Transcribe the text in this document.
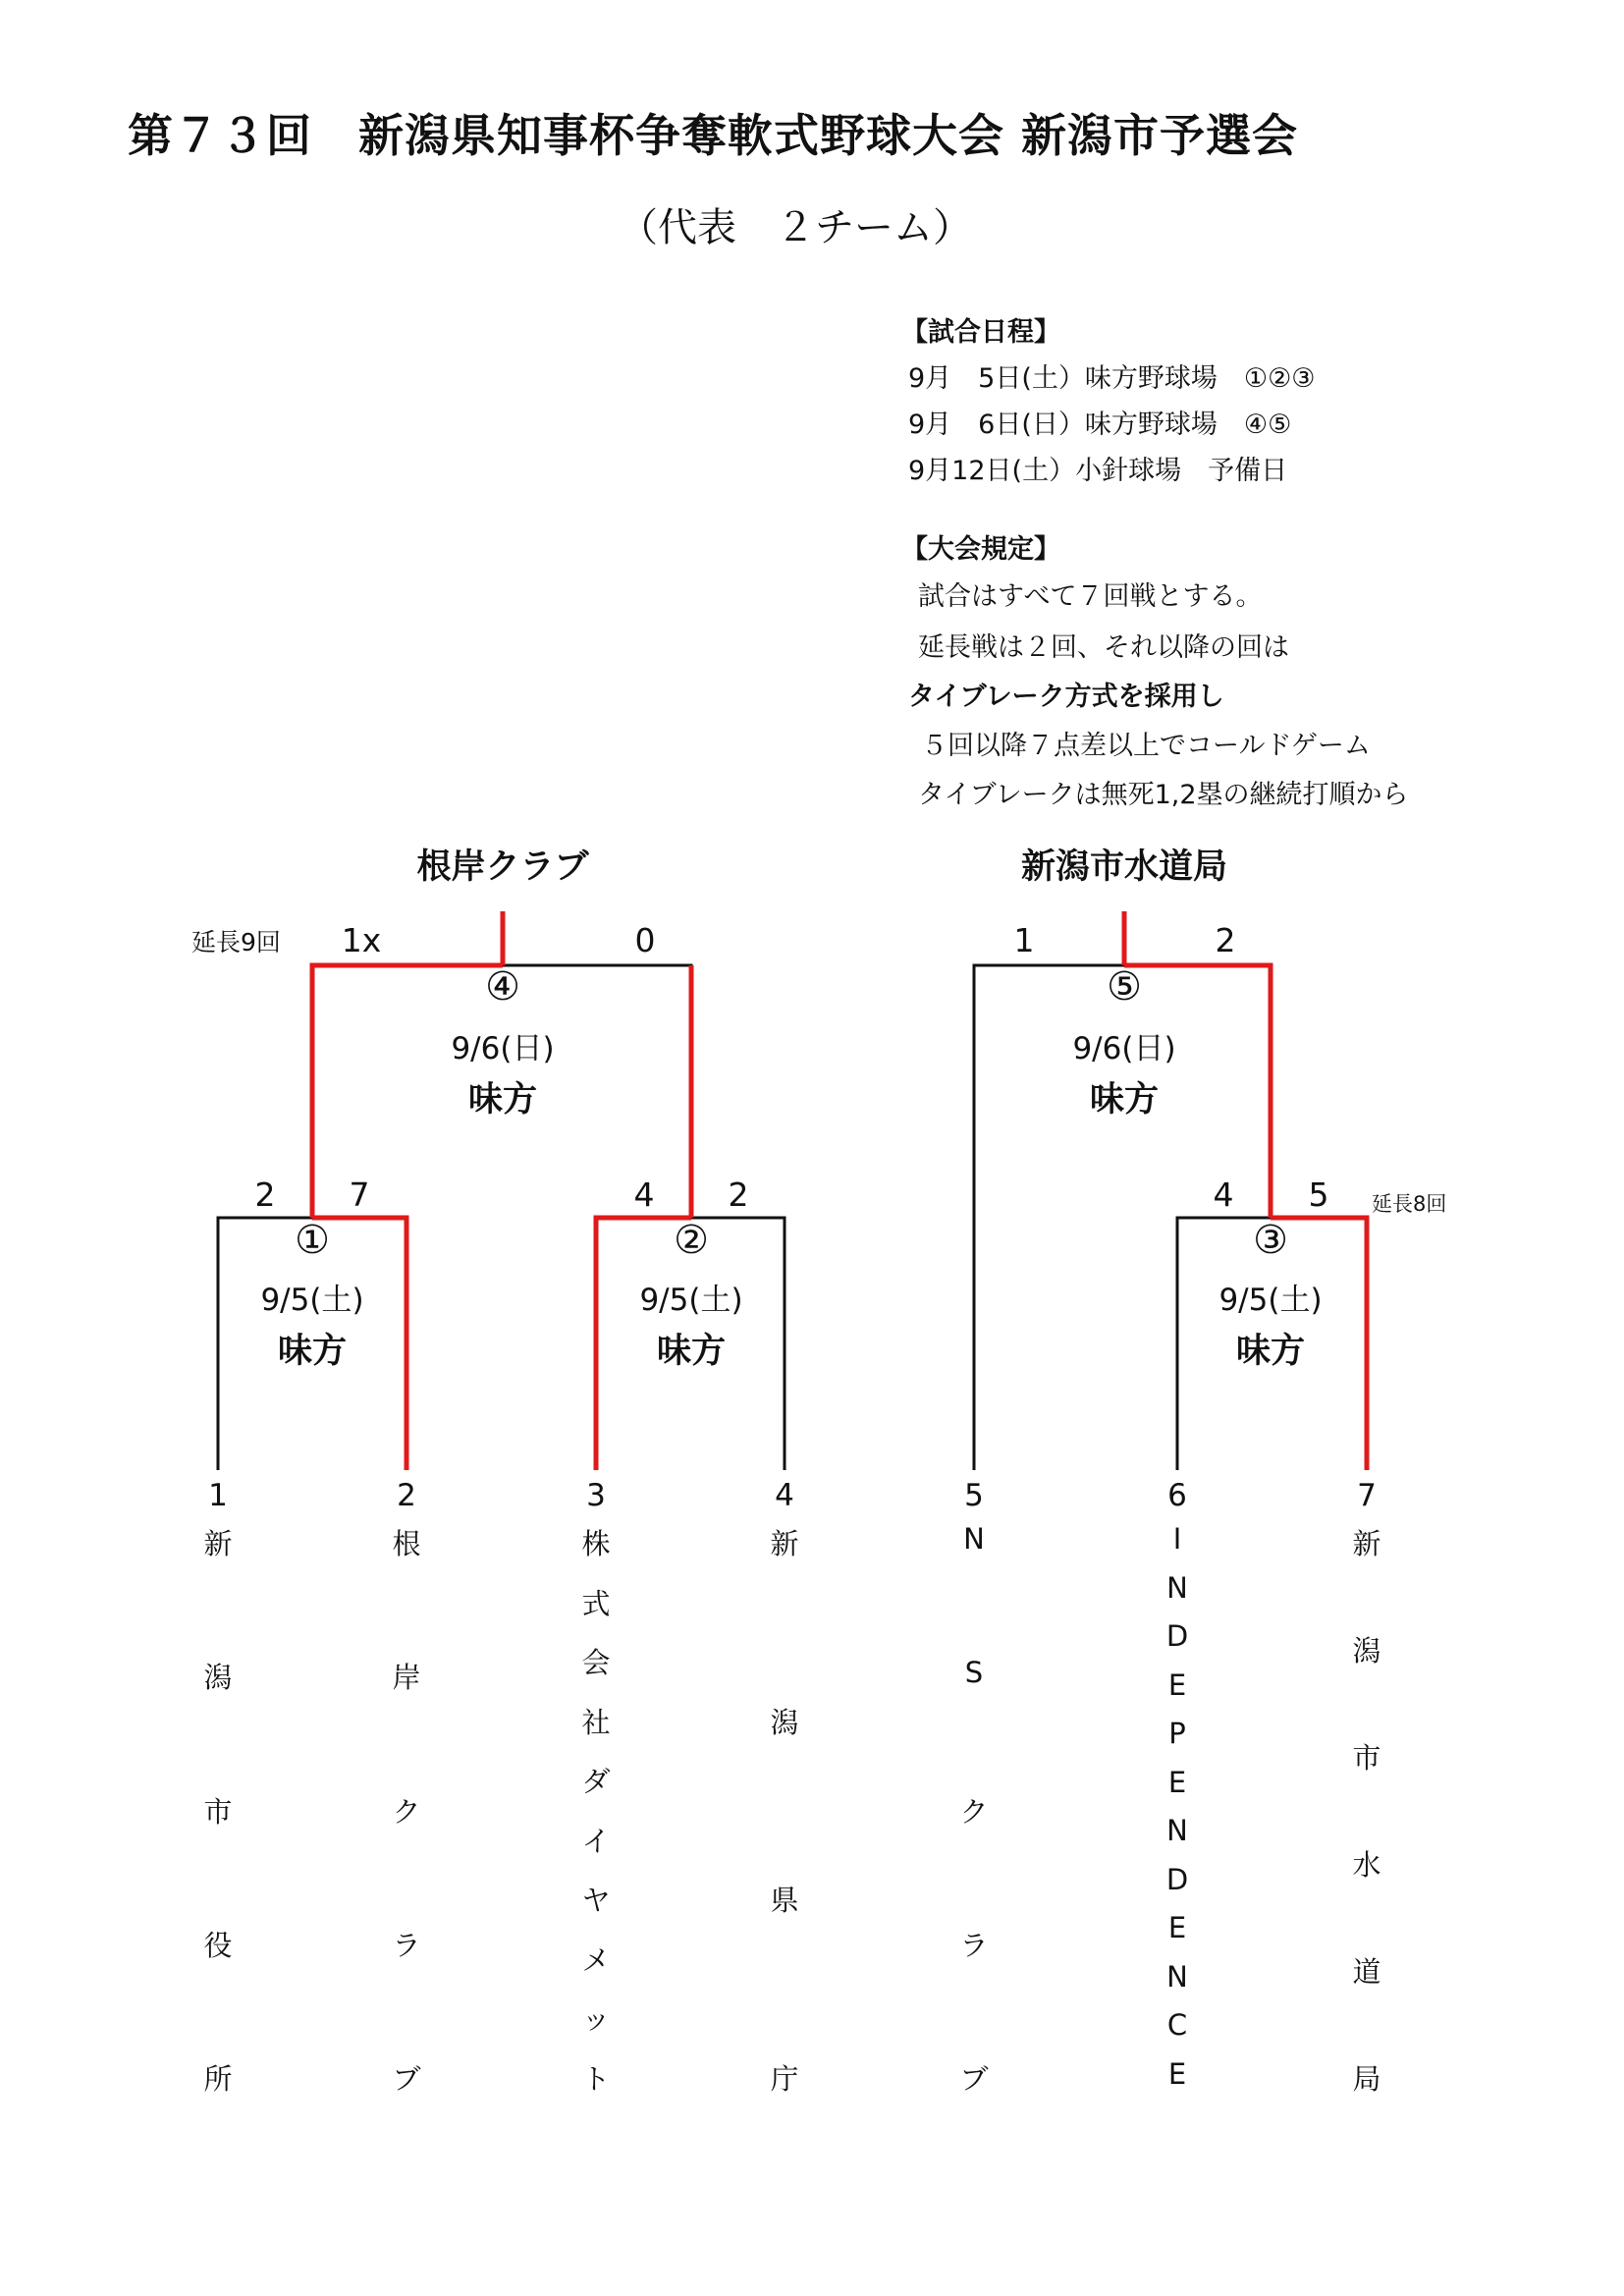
第７３回　新潟県知事杯争奪軟式野球大会 新潟市予選会
（代表　２チーム）
【試合日程】
9月　5日(土）味方野球場　①②③
9月　6日(日）味方野球場　④⑤
9月12日(土）小針球場　予備日
【大会規定】
試合はすべて７回戦とする。
延長戦は２回、それ以降の回は
タイブレーク方式を採用し
５回以降７点差以上でコールドゲーム
タイブレークは無死1,2塁の継続打順から
根岸クラブ	新潟市水道局
延長9回 1x	0
④
9/6(日)
味方
1	2
⑤
9/6(日)
味方
2 7
①
9/5(土)
味方
4 2
②
9/5(土)
味方
4 5 延長8回
③
9/5(土)
味方
1	2	3	4	5	6	7
新
潟
市
役
所
根
岸
ク
ラ
ブ
株
式
会
社
ダ
イ
ヤ
メ
ッ
ト
新
潟
県
庁
N
S
ク
ラ
ブ
I
N
D
E
P
E
N
D
E
N
C
E
新
潟
市
水
道
局
